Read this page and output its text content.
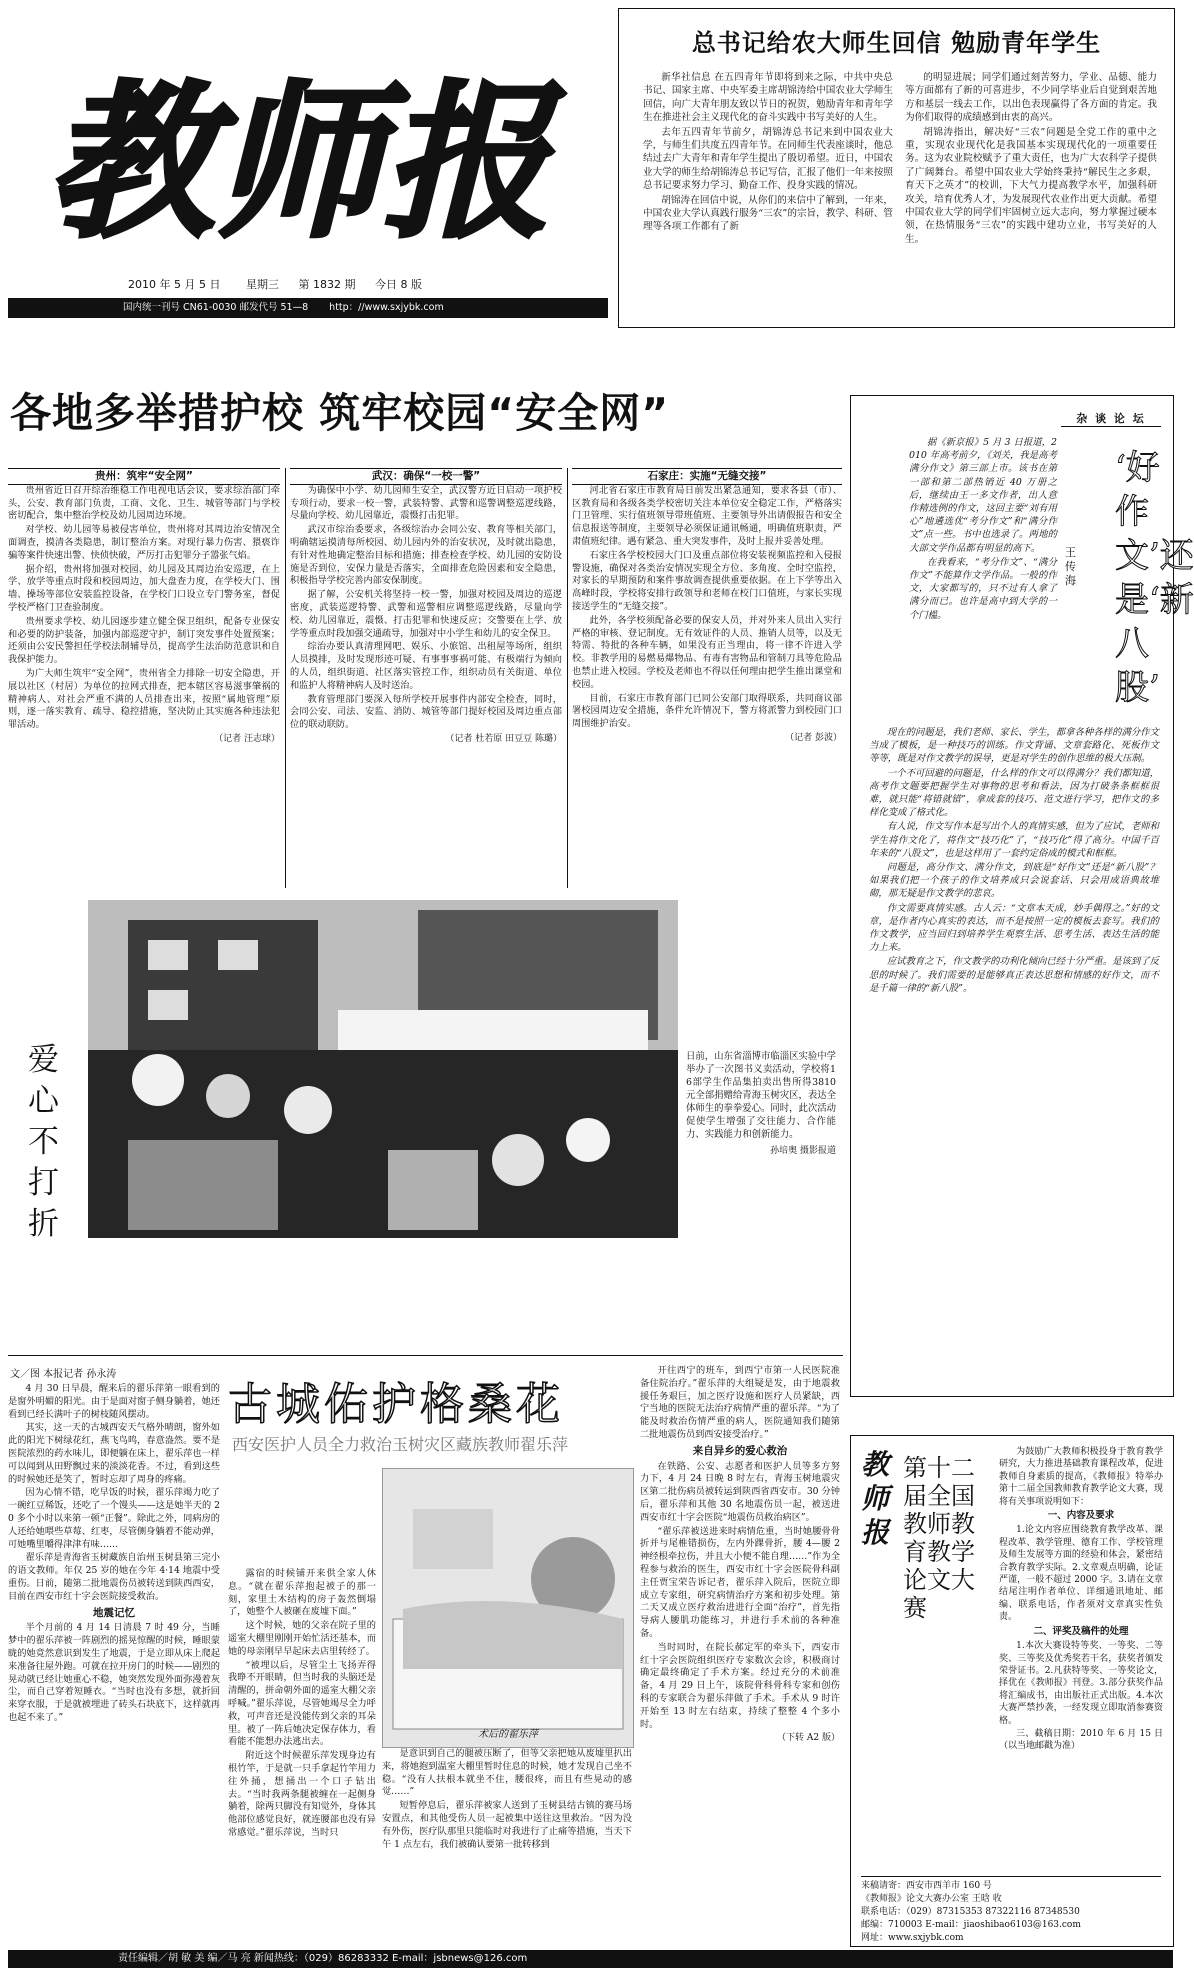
教师报
2010 年 5 月 5 日 星期三 第 1832 期 今日 8 版
国内统一刊号 CN61-0030 邮发代号 51—8 http：//www.sxjybk.com
总书记给农大师生回信 勉励青年学生

新华社信息 在五四青年节即将到来之际，中共中央总书记、国家主席、中央军委主席胡锦涛给中国农业大学师生回信，向广大青年朋友致以节日的祝贺，勉励青年和青年学生在推进社会主义现代化的奋斗实践中书写美好的人生。

去年五四青年节前夕，胡锦涛总书记来到中国农业大学，与师生们共度五四青年节。在同师生代表座谈时，他总结过去广大青年和青年学生提出了殷切希望。近日，中国农业大学的师生给胡锦涛总书记写信，汇报了他们一年来按照总书记要求努力学习、勤奋工作、投身实践的情况。

胡锦涛在回信中说，从你们的来信中了解到，一年来，中国农业大学认真践行服务“三农”的宗旨，教学、科研、管理等各项工作都有了新

的明显进展；同学们通过刻苦努力，学业、品德、能力等方面都有了新的可喜进步，不少同学毕业后自觉到艰苦地方和基层一线去工作，以出色表现赢得了各方面的肯定。我为你们取得的成绩感到由衷的高兴。

胡锦涛指出，解决好“三农”问题是全党工作的重中之重，实现农业现代化是我国基本实现现代化的一项重要任务。这为农业院校赋予了重大责任，也为广大农科学子提供了广阔舞台。希望中国农业大学始终秉持“解民生之多艰，育天下之英才”的校训，下大气力提高教学水平，加强科研攻关，培育优秀人才，为发展现代农业作出更大贡献。希望中国农业大学的同学们牢固树立远大志向，努力掌握过硬本领，在热情服务“三农”的实践中建功立业，书写美好的人生。

各地多举措护校 筑牢校园“安全网”
贵州：筑牢“安全网”

贵州省近日召开综治维稳工作电视电话会议，要求综治部门牵头，公安、教育部门负责，工商、文化、卫生、城管等部门与学校密切配合，集中整治学校及幼儿园周边环境。

对学校、幼儿园等易被侵害单位，贵州将对其周边治安情况全面调查，摸清各类隐患，制订整治方案。对现行暴力伤害、猥亵诈骗等案件快速出警、快侦快破，严厉打击犯罪分子嚣张气焰。

据介绍，贵州将加强对校园、幼儿园及其周边治安巡逻，在上学、放学等重点时段和校园周边，加大盘查力度，在学校大门、围墙、操场等部位安装监控设备，在学校门口设立专门警务室，督促学校严格门卫查验制度。

贵州要求学校、幼儿园逐步建立健全保卫组织，配备专业保安和必要的防护装备，加强内部巡逻守护，制订突发事件处置预案；还须由公安民警担任学校法制辅导员，提高学生法治防范意识和自我保护能力。

为广大师生筑牢“安全网”，贵州省全力排除一切安全隐患，开展以社区（村居）为单位的拉网式排查，把本辖区容易滋事肇祸的精神病人、对社会严重不满的人员排查出来，按照“属地管理”原则，逐一落实教育、疏导、稳控措施，坚决防止其实施各种违法犯罪活动。

（记者 汪志球）
武汉：确保“一校一警”

为确保中小学、幼儿园师生安全，武汉警方近日启动一项护校专项行动，要求一校一警，武装特警、武警和巡警调整巡逻线路，尽量向学校、幼儿园靠近，震慑打击犯罪。

武汉市综治委要求，各级综治办会同公安、教育等相关部门，明确辖运摸清每所校园、幼儿园内外的治安状况，及时就出隐患，有针对性地确定整治目标和措施；排查检查学校、幼儿园的安防设施是否到位，安保力量是否落实，全面排查危险因素和安全隐患，积极指导学校完善内部安保制度。

据了解，公安机关将坚持一校一警，加强对校园及周边的巡逻密度，武装巡逻特警、武警和巡警相应调整巡逻线路，尽量向学校、幼儿园靠近，震慑、打击犯罪和快速反应；交警要在上学、放学等重点时段加强交通疏导，加强对中小学生和幼儿的安全保卫。

综治办要认真清理网吧、娱乐、小旅馆、出租屋等场所，组织人员摸排，及时发现形迹可疑、有事事事祸可能、有极端行为倾向的人员，组织街道、社区落实管控工作，组织动员有关街道、单位和监护人将精神病人及时送治。

教育管理部门要深入每所学校开展事件内部安全检查，同时，会同公安、司法、安监、消防、城管等部门提好校园及周边重点部位的联动联防。

（记者 杜若原 田豆豆 陈璐）
石家庄：实施“无缝交接”

河北省石家庄市教育局日前发出紧急通知，要求各县（市）、区教育局和各级各类学校密切关注本单位安全稳定工作，严格落实门卫管理、实行值班领导带班值班、主要领导外出请假报告和安全信息报送等制度，主要领导必须保证通讯畅通，明确值班职责，严肃值班纪律。遇有紧急、重大突发事件，及时上报并妥善处理。

石家庄各学校校园大门口及重点部位将安装视频监控和入侵报警设施，确保对各类治安情况实现全方位、多角度、全时空监控，对家长的早期预防和案件事故调查提供重要依据。在上下学等出入高峰时段，学校将安排行政领导和老师在校门口值班，与家长实现接送学生的“无缝交接”。

此外，各学校须配备必要的保安人员，并对外来人员出入实行严格的审核、登记制度。无有效证件的人员、推销人员等，以及无特需、特批的各种车辆，如果没有正当理由，将一律不许进入学校。非教学用的易燃易爆物品、有毒有害物品和管制刀具等危险品也禁止进入校园。学校及老师也不得以任何理由把学生推出课堂和校园。

目前，石家庄市教育部门已同公安部门取得联系，共同商议部署校园周边安全措施，条件允许情况下，警方将派警力到校园门口周围维护治安。

（记者 彭波）
爱心不打折
日前，山东省淄博市临淄区实验中学举办了一次图书义卖活动，学校将16部学生作品集拍卖出售所得3810元全部捐赠给青海玉树灾区，表达全体师生的拳拳爱心。同时，此次活动促使学生增强了交往能力、合作能力、实践能力和创新能力。
孙培奥 摄影报道
文／图 本报记者 孙永涛
古城佑护格桑花
西安医护人员全力救治玉树灾区藏族教师翟乐萍

4 月 30 日早晨，醒来后的翟乐萍第一眼看到的是窗外明媚的阳光。由于是面对窗子侧身躺着，她还看到已经长满叶子的树枝随风摆动。

其实，这一天的古城西安天气格外晴朗，窗外如此的阳光下树绿花红，燕飞鸟鸣，春意盎然。要不是医院浓烈的药水味儿，即便躺在床上，翟乐萍也一样可以闻到从田野飘过来的淡淡花香。不过，看到这些的时候她还是笑了，暂时忘却了周身的疼痛。

因为心情不错，吃早饭的时候，翟乐萍竭力吃了一碗红豆稀饭，还吃了一个馒头——这是她半天的 20 多个小时以来第一顿“正餐”。除此之外，同病房的人还给她喂些草莓、红枣，尽管侧身躺着不能动弹，可她嘴里嚼得津津有味……

翟乐萍是青海省玉树藏族自治州玉树县第三完小的语文教师。年仅 25 岁的她在今年 4·14 地震中受重伤。日前，随第二批地震伤员被转送到陕西西安，目前在西安市红十字会医院接受救治。

地震记忆

半个月前的 4 月 14 日清晨 7 时 49 分，当睡梦中的翟乐萍被一阵剧烈的摇晃惊醒的时候，睡眼蒙眬的她竟然意识到发生了地震，于是立即从床上爬起来准备往屋外跑。可就在拉开房门的时候——剧烈的晃动就已经让她重心不稳，她突然发现外面弥漫着灰尘，而自己穿着短睡衣。“当时也没有多想，就折回来穿衣服，于是就被埋进了砖头石块底下，这样就再也起不来了。”

露宿的时候铺开来供全家人休息。“就在翟乐萍抱起被子的那一刻，家里土木结构的房子轰然倒塌了，她整个人被砸在废墟下面。”

这个时候，她的父亲在院子里的遥室大棚里刚刚开始忙活还基本，而她的母亲刚早早起床去店里转经了。

“被埋以后，尽管尘土飞扬弄得我睁不开眼睛，但当时我的头脑还是清醒的，拼命朝外面的遥室大棚父亲呼喊。”翟乐萍说，尽管她竭尽全力呼救，可声音还是没能传到父亲的耳朵里。被了一阵后她决定保存体力，看看能不能想办法逃出去。

附近这个时候翟乐萍发现身边有根竹竿，于是就一只手拿起竹竿用力往外捅，想捅出一个口子钻出去。“当时我两条腿被缠在一起侧身躺着，除两只脚没有知觉外，身体其他部位感觉良好，就连腰部也没有异常感觉。”翟乐萍说，当时只

术后的翟乐萍

是意识到自己的腿被压断了，但等父亲把她从废墟里扒出来，将她抱到温室大棚里暂时住息的时候，她才发现自己坐不稳。“没有人扶根本就坐不住，腰很疼，而且有些晃动的感觉……”

短暂停息后，翟乐萍被家人送到了玉树县结古镇的赛马场安置点，和其他受伤人员一起被集中送往这里救治。“因为没有外伤，医疗队那里只能临时对我进行了止痛等措施，当天下午 1 点左右，我们被确认要第一批转移到

开往西宁的班车，到西宁市第一人民医院准备住院治疗。”翟乐萍的大组疑是发，由于地震救援任务艰巨，加之医疗设施和医疗人员紧缺，西宁当地的医院无法治疗病情严重的翟乐萍。“为了能及时救治伤情严重的病人，医院通知我们随第二批地震伤员到西安接受治疗。”

来自异乡的爱心救治

在铁路、公安、志愿者和医护人员等多方努力下，4 月 24 日晚 8 时左右，青海玉树地震灾区第二批伤病员被转运到陕西省西安市。30 分钟后，翟乐萍和其他 30 名地震伤员一起，被送进西安市红十字会医院“地震伤员救治病区”。

“翟乐萍被送进来时病情危重，当时她腰骨骨折并与尾椎错损伤，左内外踝骨折，腰 4—腰 2 神经根牵拉伤，并且大小便不能自理……”作为全程参与救治的医生，西安市红十字会医院骨科副主任贾宝荣告诉记者，翟乐萍入院后，医院立即成立专家组，研究病情治疗方案和初步处理。第二天又成立医疗救治进进行全面“治疗”，首先指导病人腰肌功能练习，并进行手术前的各种准备。

当时同时，在院长郝定军的牵头下，西安市红十字会医院组织医疗专家数次会诊，积极商讨确定最终确定了手术方案。经过充分的术前准备，4 月 29 日上午，该院骨科骨科专家和创伤科的专家联合为翟乐萍做了手术。手术从 9 时许开始至 13 时左右结束，持续了整整 4 个多小时。

（下转 A2 版）
杂 谈 论 坛
‘好作文’还是‘新八股’
王传海

据《新京报》5 月 3 日报道，2010 年高考前夕，《刘关，我是高考满分作文》第三部上市。该书在第一部和第二部热销近 40 万册之后，继续由王一多文作者，出人意作精选例的作文，这回主要“刘有用心”地遴选优“考分作文”和“满分作文”点一些。书中也选录了。两地的大部文学作品都有明显的高下。

在我看来，“考分作文”、“满分作文”不能算作文学作品。一般的作文，大家都写的，只不过有人拿了满分而已。也许是高中到大学的一个门槛。

现在的问题是，我们老师、家长、学生，都拿各种各样的满分作文当成了模板，是一种技巧的训练。作文背诵、文章套路化、死板作文等等，既是对作文教学的误导，更是对学生的创作思维的极大压制。

一个不可回避的问题是，什么样的作文可以得满分？我们都知道，高考作文题要把握学生对事物的思考和看法，因为打破条条框框很难，就只能“将错就错”，拿成套的技巧、范文进行学习，把作文的多样化变成了格式化。

有人说，作文写作本是写出个人的真情实感，但为了应试，老师和学生将作文化了，将作文“技巧化”了，“技巧化”得了高分。中国千百年来的“八股文”，也是这样用了一套约定俗成的模式和框框。

问题是，高分作文、满分作文，到底是“好作文”还是“新八股”？如果我们把一个孩子的作文培养成只会说套话、只会用成语典故堆砌，那无疑是作文教学的悲哀。

作文需要真情实感。古人云：“文章本天成，妙手偶得之。”好的文章，是作者内心真实的表达，而不是按照一定的模板去套写。我们的作文教学，应当回归到培养学生观察生活、思考生活、表达生活的能力上来。

应试教育之下，作文教学的功利化倾向已经十分严重。是该到了反思的时候了。我们需要的是能够真正表达思想和情感的好作文，而不是千篇一律的“新八股”。

教师报
第十二届全国教师教育教学论文大赛

为鼓励广大教师积极投身于教育教学研究，大力推进基础教育课程改革，促进教师自身素质的提高，《教师报》特举办第十二届全国教师教育教学论文大赛，现将有关事项说明如下：

一、内容及要求

1.论文内容应围绕教育教学改革、课程改革、教学管理、德育工作、学校管理及师生发展等方面的经验和体会，紧密结合教育教学实际。2.文章观点明确，论证严谨，一般不超过 2000 字。3.请在文章结尾注明作者单位、详细通讯地址、邮编、联系电话，作者须对文章真实性负责。

二、评奖及稿件的处理

1.本次大赛设特等奖、一等奖、二等奖、三等奖及优秀奖若干名，获奖者颁发荣誉证书。2.凡获特等奖、一等奖论文，择优在《教师报》刊登。3.部分获奖作品将汇编成书，由出版社正式出版。4.本次大赛严禁抄袭，一经发现立即取消参赛资格。

三、截稿日期：2010 年 6 月 15 日（以当地邮戳为准）

来稿请寄：西安市西羊市 160 号
《教师报》论文大赛办公室 王晗 收
联系电话：（029）87315353 87322116 87348530
邮编：710003 E-mail：jiaoshibao6103@163.com
网址：www.sxjybk.com
责任编辑／胡 敏 美 编／马 亮 新闻热线：（029）86283332 E-mail：jsbnews@126.com
